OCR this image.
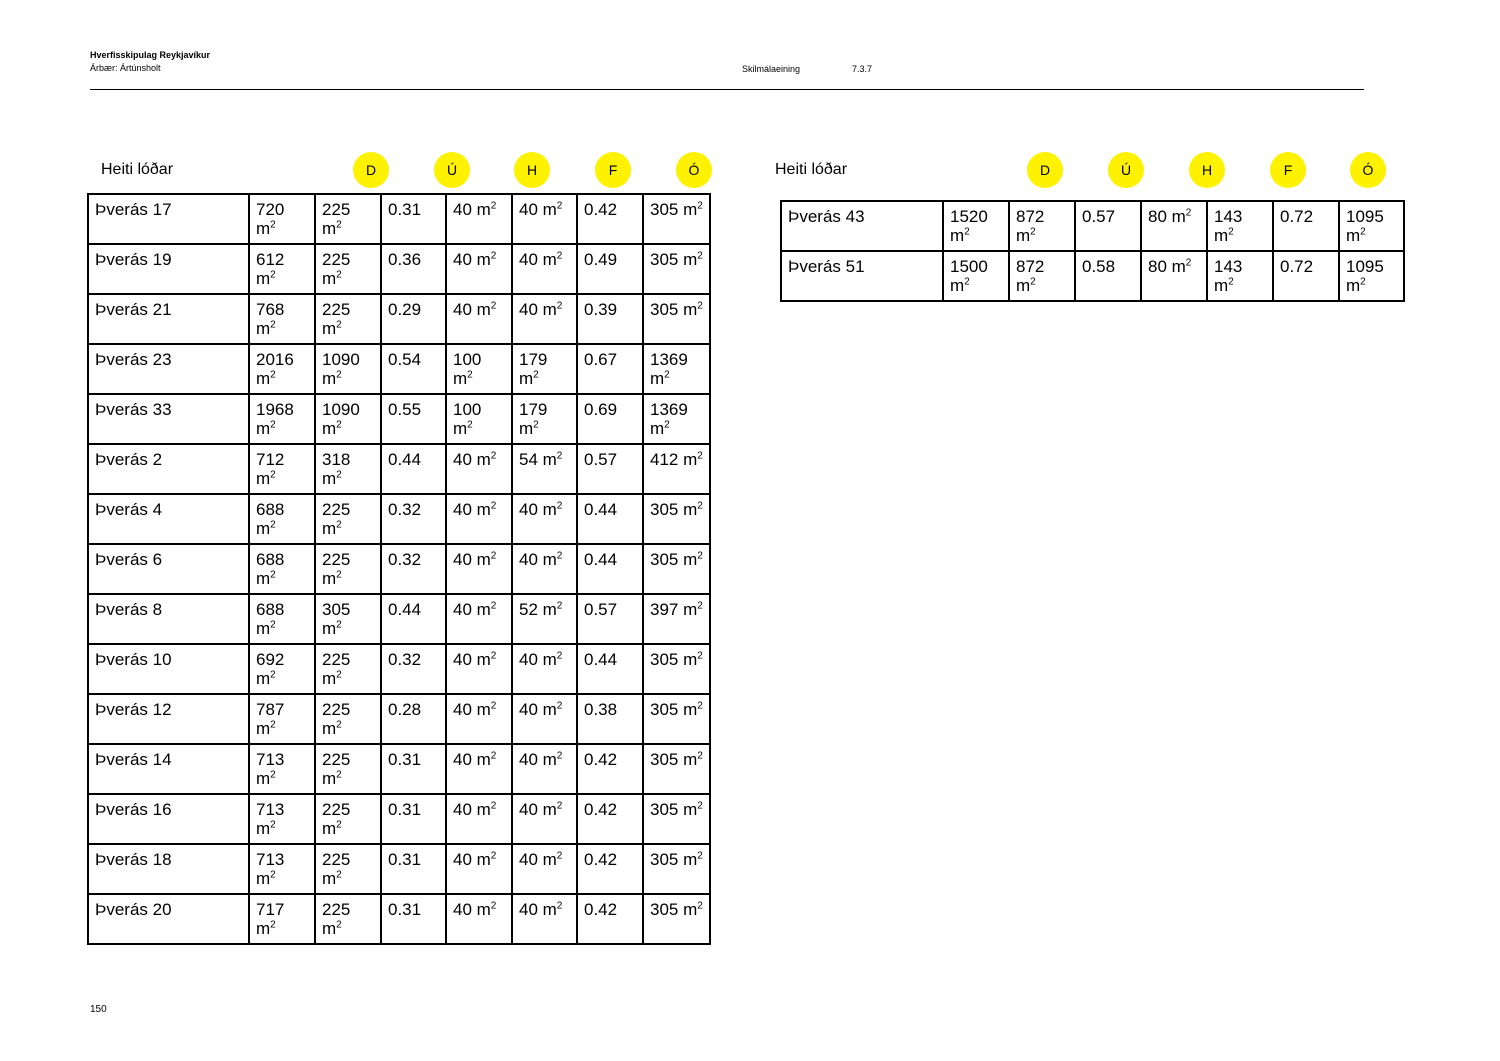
Hverfisskipulag Reykjavíkur
Árbær: Ártúnsholt	Skilmálaeining	7.3.7
Heiti lóðar	D	Ú	H	F	Ó
Þverás 17	720 $m^2$	225 $m^2$	0.31	40 $m^2$	40 $m^2$	0.42	305 $m^2$
Þverás 19	612 $m^2$	225 $m^2$	0.36	40 $m^2$	40 $m^2$	0.49	305 $m^2$
Þverás 21	768 $m^2$	225 $m^2$	0.29	40 $m^2$	40 $m^2$	0.39	305 $m^2$
Þverás 23	2016 $m^2$	1090 $m^2$	0.54	100 $m^2$	179 $m^2$	0.67	1369 $m^2$
Þverás 33	1968 $m^2$	1090 $m^2$	0.55	100 $m^2$	179 $m^2$	0.69	1369 $m^2$
Þverás 2	712 $m^2$	318 $m^2$	0.44	40 $m^2$	54 $m^2$	0.57	412 $m^2$
Þverás 4	688 $m^2$	225 $m^2$	0.32	40 $m^2$	40 $m^2$	0.44	305 $m^2$
Þverás 6	688 $m^2$	225 $m^2$	0.32	40 $m^2$	40 $m^2$	0.44	305 $m^2$
Þverás 8	688 $m^2$	305 $m^2$	0.44	40 $m^2$	52 $m^2$	0.57	397 $m^2$
Þverás 10	692 $m^2$	225 $m^2$	0.32	40 $m^2$	40 $m^2$	0.44	305 $m^2$
Þverás 12	787 $m^2$	225 $m^2$	0.28	40 $m^2$	40 $m^2$	0.38	305 $m^2$
Þverás 14	713 $m^2$	225 $m^2$	0.31	40 $m^2$	40 $m^2$	0.42	305 $m^2$
Þverás 16	713 $m^2$	225 $m^2$	0.31	40 $m^2$	40 $m^2$	0.42	305 $m^2$
Þverás 18	713 $m^2$	225 $m^2$	0.31	40 $m^2$	40 $m^2$	0.42	305 $m^2$
Þverás 20	717 $m^2$	225 $m^2$	0.31	40 $m^2$	40 $m^2$	0.42	305 $m^2$
Heiti lóðar	D	Ú	H	F	Ó
Þverás 43	1520 $m^2$	872 $m^2$	0.57	80 $m^2$	143 $m^2$	0.72	1095 $m^2$
Þverás 51	1500 $m^2$	872 $m^2$	0.58	80 $m^2$	143 $m^2$	0.72	1095 $m^2$
150
